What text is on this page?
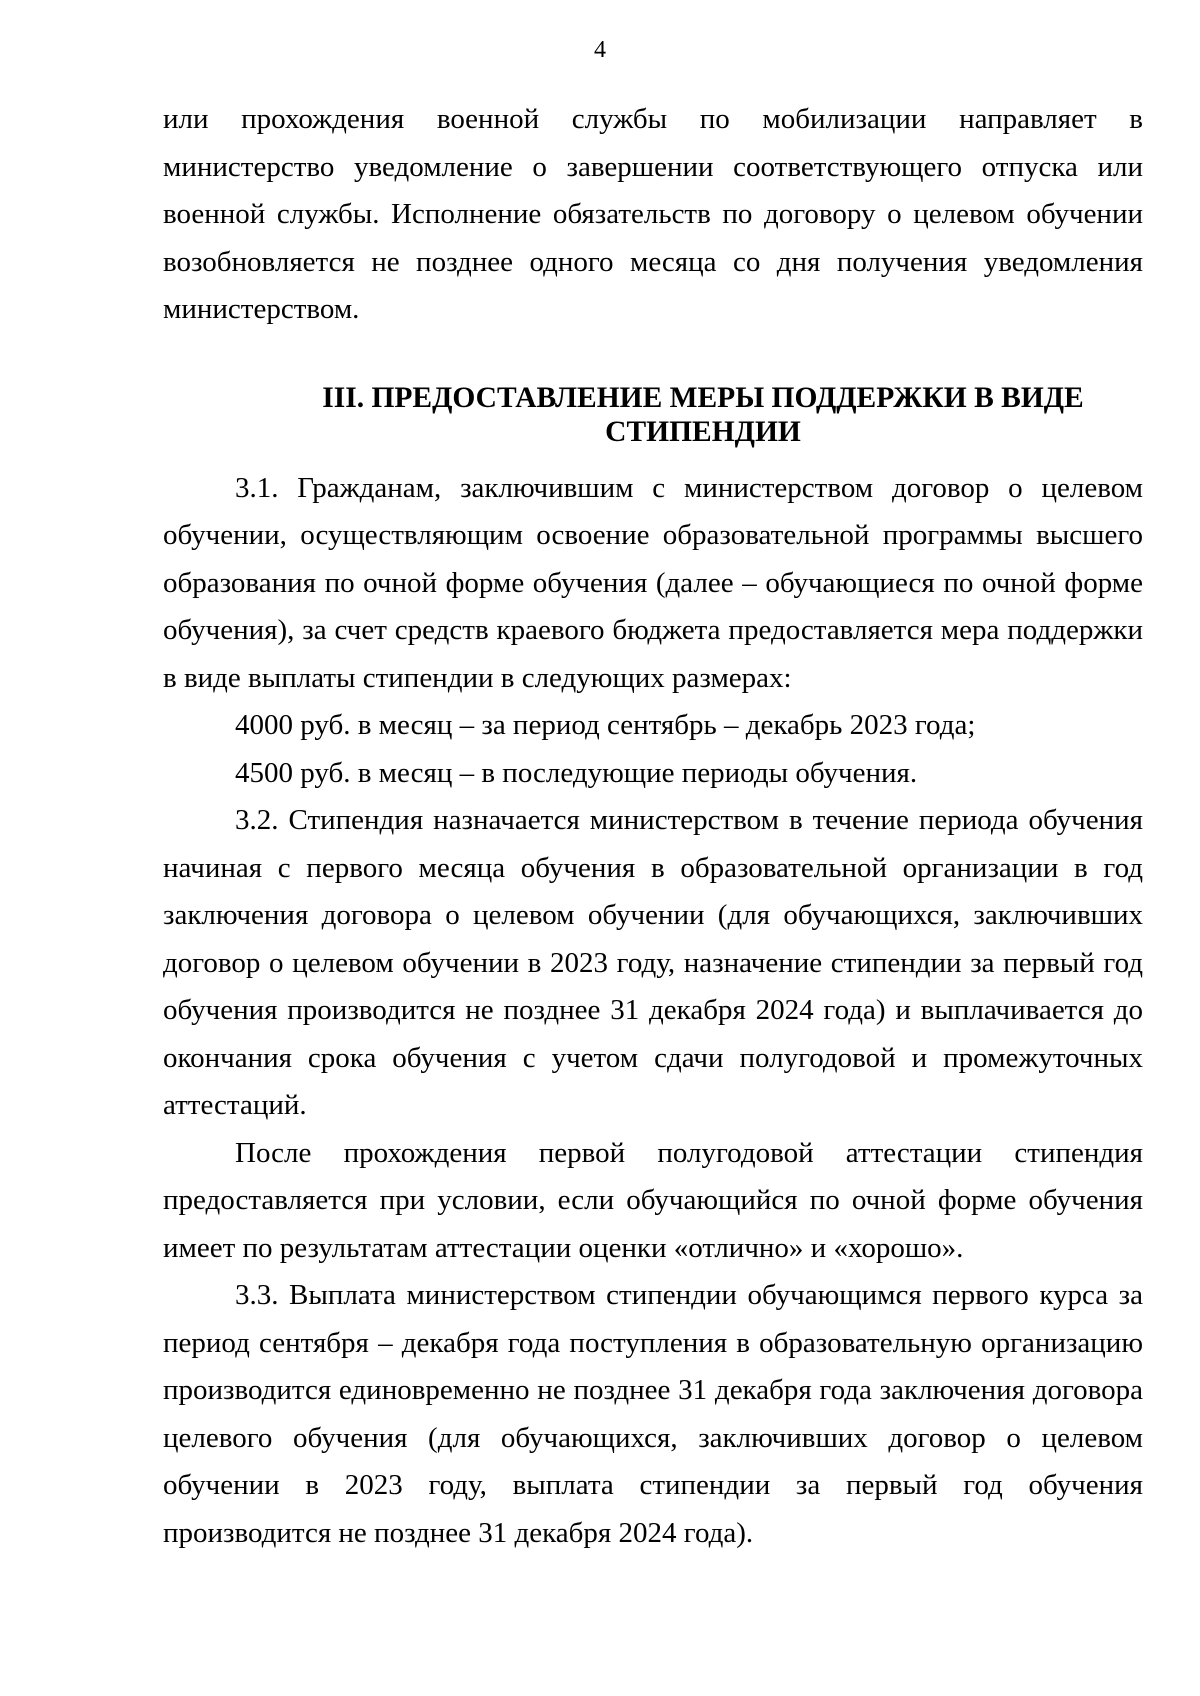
4

или прохождения военной службы по мобилизации направляет в министерство уведомление о завершении соответствующего отпуска или военной службы. Исполнение обязательств по договору о целевом обучении возобновляется не позднее одного месяца со дня получения уведомления министерством.

III. ПРЕДОСТАВЛЕНИЕ МЕРЫ ПОДДЕРЖКИ В ВИДЕ СТИПЕНДИИ

3.1. Гражданам, заключившим с министерством договор о целевом обучении, осуществляющим освоение образовательной программы высшего образования по очной форме обучения (далее – обучающиеся по очной форме обучения), за счет средств краевого бюджета предоставляется мера поддержки в виде выплаты стипендии в следующих размерах:

4000 руб. в месяц – за период сентябрь – декабрь 2023 года;

4500 руб. в месяц – в последующие периоды обучения.

3.2. Стипендия назначается министерством в течение периода обучения начиная с первого месяца обучения в образовательной организации в год заключения договора о целевом обучении (для обучающихся, заключивших договор о целевом обучении в 2023 году, назначение стипендии за первый год обучения производится не позднее 31 декабря 2024 года) и выплачивается до окончания срока обучения с учетом сдачи полугодовой и промежуточных аттестаций.

После прохождения первой полугодовой аттестации стипендия предоставляется при условии, если обучающийся по очной форме обучения имеет по результатам аттестации оценки «отлично» и «хорошо».

3.3. Выплата министерством стипендии обучающимся первого курса за период сентября – декабря года поступления в образовательную организацию производится единовременно не позднее 31 декабря года заключения договора целевого обучения (для обучающихся, заключивших договор о целевом обучении в 2023 году, выплата стипендии за первый год обучения производится не позднее 31 декабря 2024 года).
